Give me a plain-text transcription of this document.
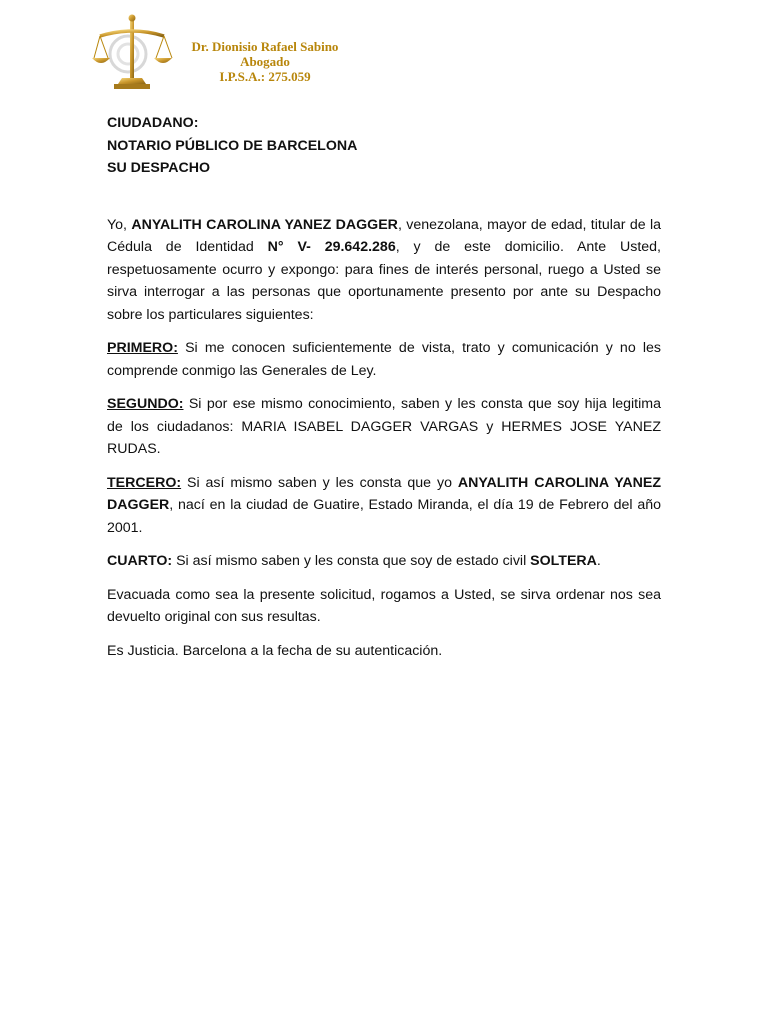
Dr. Dionisio Rafael Sabino
Abogado
I.P.S.A.: 275.059
CIUDADANO:
NOTARIO PÚBLICO DE BARCELONA
SU DESPACHO

Yo, ANYALITH CAROLINA YANEZ DAGGER, venezolana, mayor de edad, titular de la Cédula de Identidad N° V- 29.642.286, y de este domicilio. Ante Usted, respetuosamente ocurro y expongo: para fines de interés personal, ruego a Usted se sirva interrogar a las personas que oportunamente presento por ante su Despacho sobre los particulares siguientes:

PRIMERO: Si me conocen suficientemente de vista, trato y comunicación y no les comprende conmigo las Generales de Ley.

SEGUNDO: Si por ese mismo conocimiento, saben y les consta que soy hija legitima de los ciudadanos: MARIA ISABEL DAGGER VARGAS y HERMES JOSE YANEZ RUDAS.

TERCERO: Si así mismo saben y les consta que yo ANYALITH CAROLINA YANEZ DAGGER, nací en la ciudad de Guatire, Estado Miranda, el día 19 de Febrero del año 2001.

CUARTO: Si así mismo saben y les consta que soy de estado civil SOLTERA.

Evacuada como sea la presente solicitud, rogamos a Usted, se sirva ordenar nos sea devuelto original con sus resultas.

Es Justicia. Barcelona a la fecha de su autenticación.
